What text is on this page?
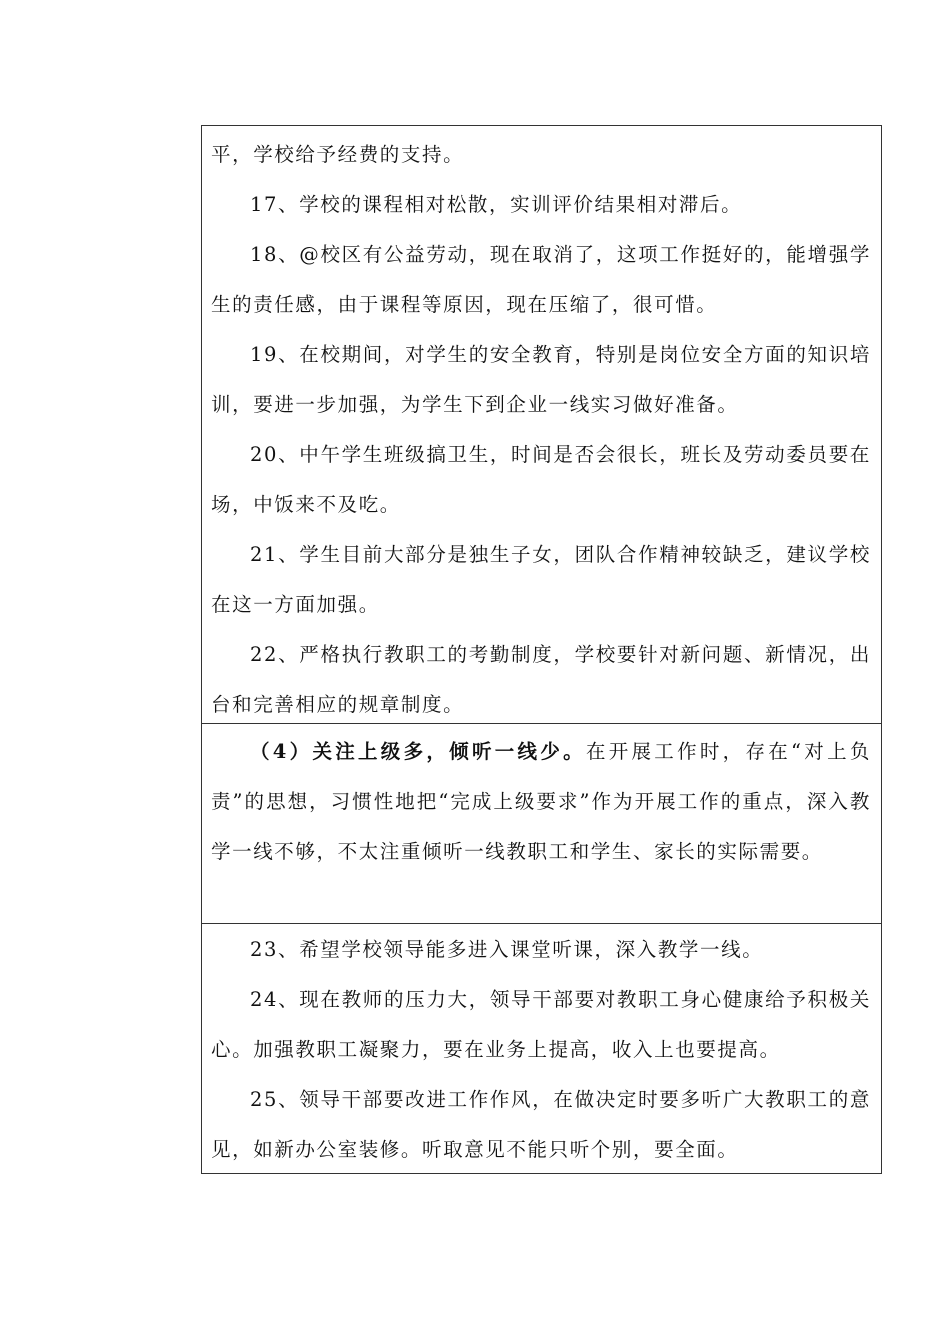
平，学校给予经费的支持。

17、学校的课程相对松散，实训评价结果相对滞后。

18、@校区有公益劳动，现在取消了，这项工作挺好的，能增强学生的责任感，由于课程等原因，现在压缩了，很可惜。

19、在校期间，对学生的安全教育，特别是岗位安全方面的知识培训，要进一步加强，为学生下到企业一线实习做好准备。

20、中午学生班级搞卫生，时间是否会很长，班长及劳动委员要在场，中饭来不及吃。

21、学生目前大部分是独生子女，团队合作精神较缺乏，建议学校在这一方面加强。

22、严格执行教职工的考勤制度，学校要针对新问题、新情况，出台和完善相应的规章制度。

（4）关注上级多，倾听一线少。在开展工作时，存在“对上负责”的思想，习惯性地把“完成上级要求”作为开展工作的重点，深入教学一线不够，不太注重倾听一线教职工和学生、家长的实际需要。

23、希望学校领导能多进入课堂听课，深入教学一线。

24、现在教师的压力大，领导干部要对教职工身心健康给予积极关心。加强教职工凝聚力，要在业务上提高，收入上也要提高。

25、领导干部要改进工作作风，在做决定时要多听广大教职工的意见，如新办公室装修。听取意见不能只听个别，要全面。
